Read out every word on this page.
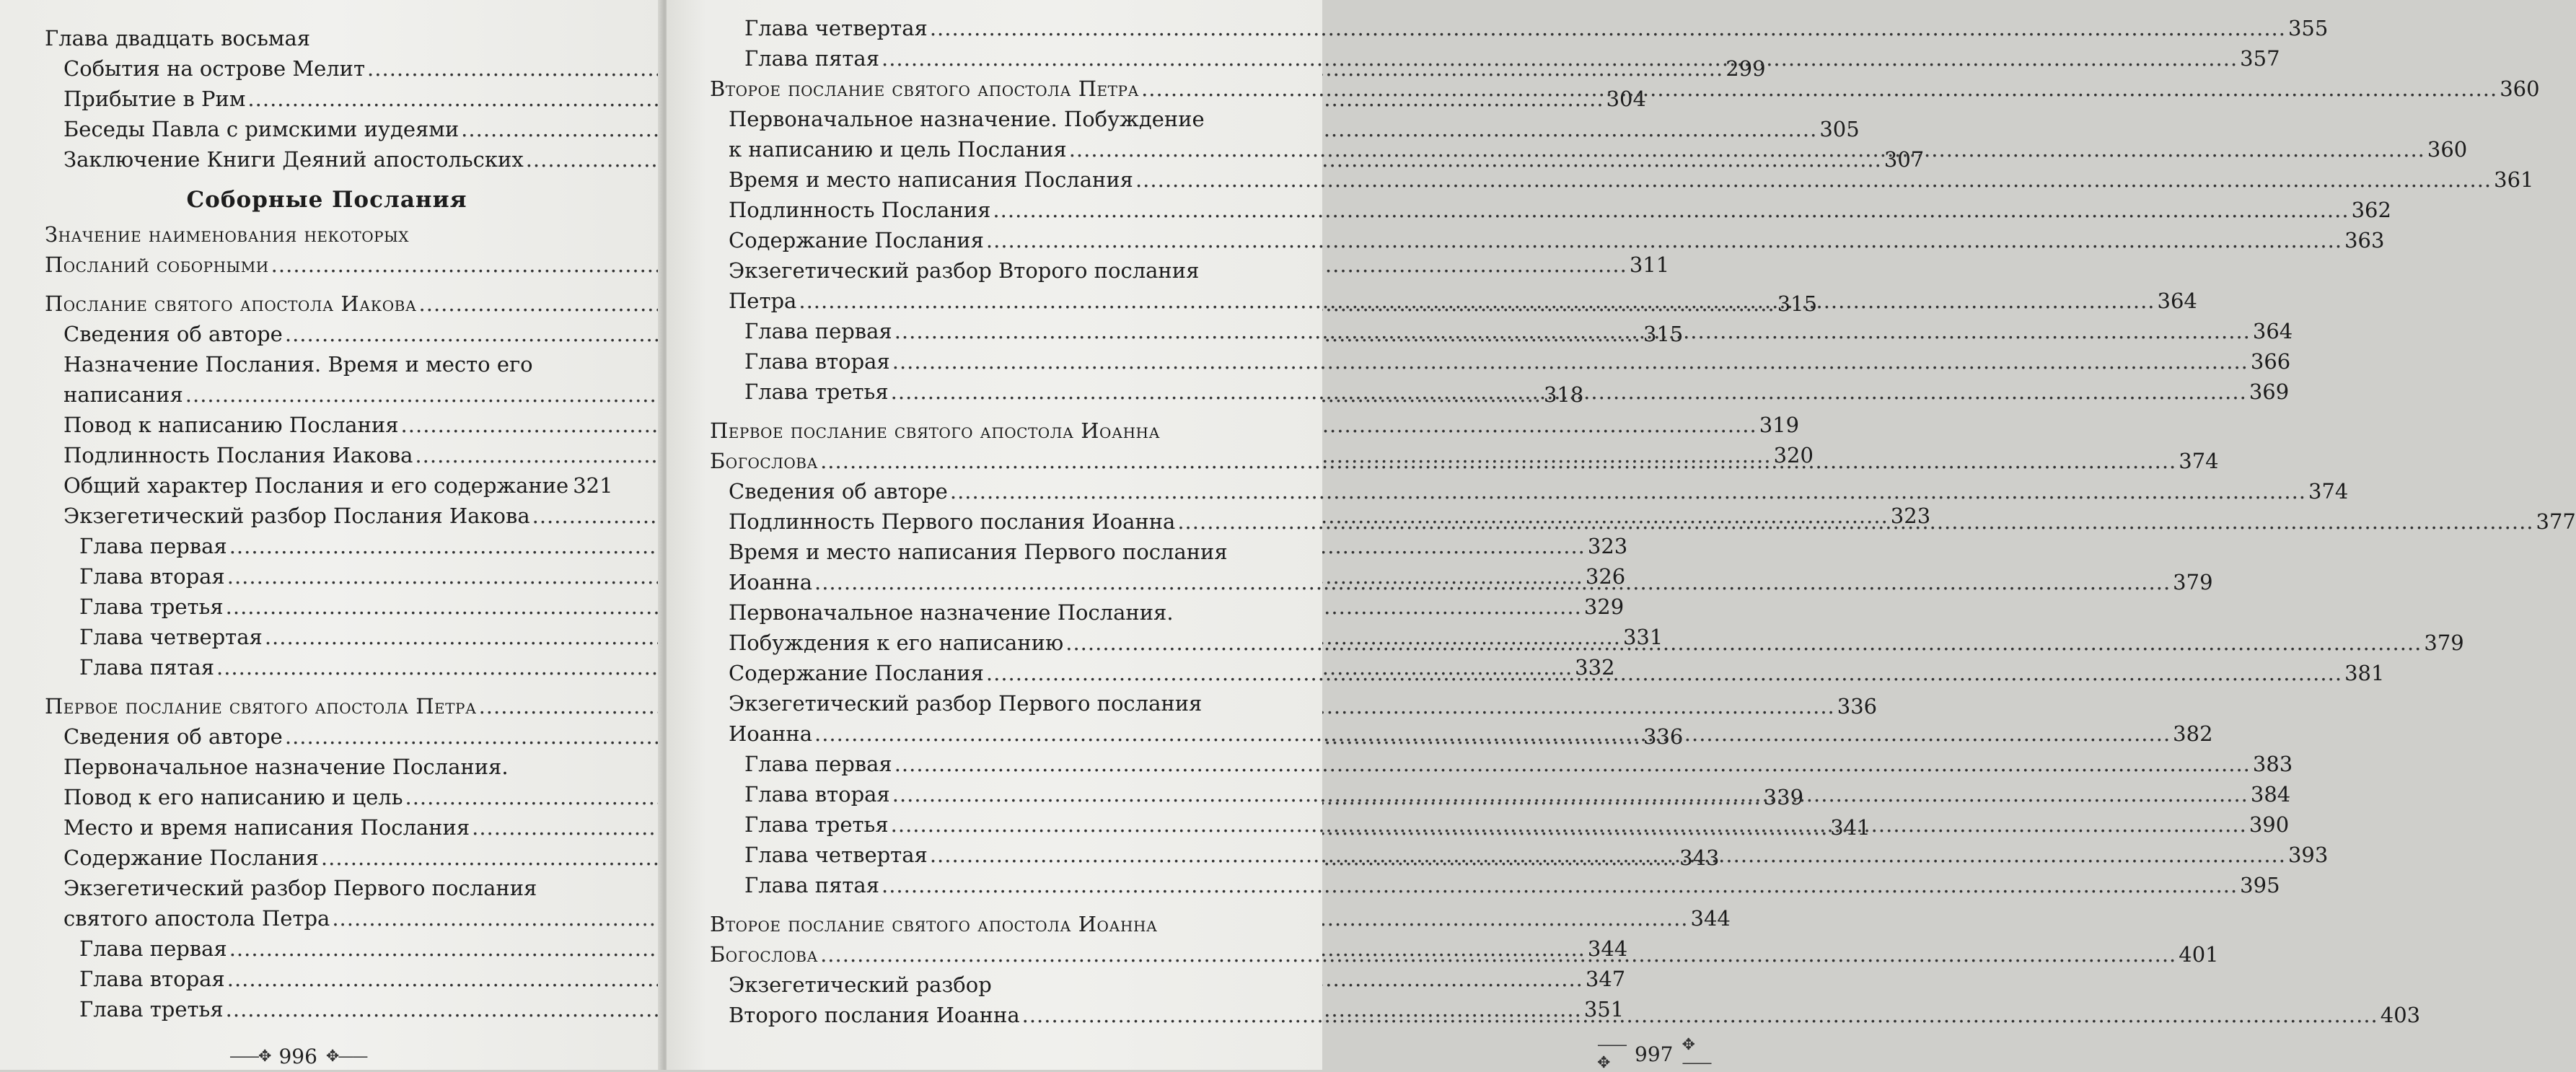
Глава двадцать восьмая
События на острове Мелит .....	299
Прибытие в Рим .....	304
Беседы Павла с римскими иудеями .....	305
Заключение Книги Деяний апостольских .....	307
Соборные Послания
Значение наименования некоторых
Посланий соборными .....	311
Послание святого апостола Иакова .....	315
Сведения об авторе .....	315
Назначение Послания. Время и место его
написания .....	318
Повод к написанию Послания .....	319
Подлинность Послания Иакова .....	320
Общий характер Послания и его содержание 321
Экзегетический разбор Послания Иакова .....	323
Глава первая .....	323
Глава вторая .....	326
Глава третья .....	329
Глава четвертая .....	331
Глава пятая .....	332
Первое послание святого апостола Петра .....	336
Сведения об авторе .....	336
Первоначальное назначение Послания.
Повод к его написанию и цель .....	339
Место и время написания Послания .....	341
Содержание Послания .....	343
Экзегетический разбор Первого послания
святого апостола Петра .....	344
Глава первая .....	344
Глава вторая .....	347
Глава третья .....	351
——✥ 996 ✥——
Глава четвертая .....	355
Глава пятая .....	357
Второе послание святого апостола Петра .....	360
Первоначальное назначение. Побуждение
к написанию и цель Послания .....	360
Время и место написания Послания .....	361
Подлинность Послания .....	362
Содержание Послания .....	363
Экзегетический разбор Второго послания
Петра .....	364
Глава первая .....	364
Глава вторая .....	366
Глава третья .....	369
Первое послание святого апостола Иоанна
Богослова .....	374
Сведения об авторе .....	374
Подлинность Первого послания Иоанна .....	377
Время и место написания Первого послания
Иоанна .....	379
Первоначальное назначение Послания.
Побуждения к его написанию .....	379
Содержание Послания .....	381
Экзегетический разбор Первого послания
Иоанна .....	382
Глава первая .....	383
Глава вторая .....	384
Глава третья .....	390
Глава четвертая .....	393
Глава пятая .....	395
Второе послание святого апостола Иоанна
Богослова .....	401
Экзегетический разбор
Второго послания Иоанна .....	403
——✥	997 ✥——
